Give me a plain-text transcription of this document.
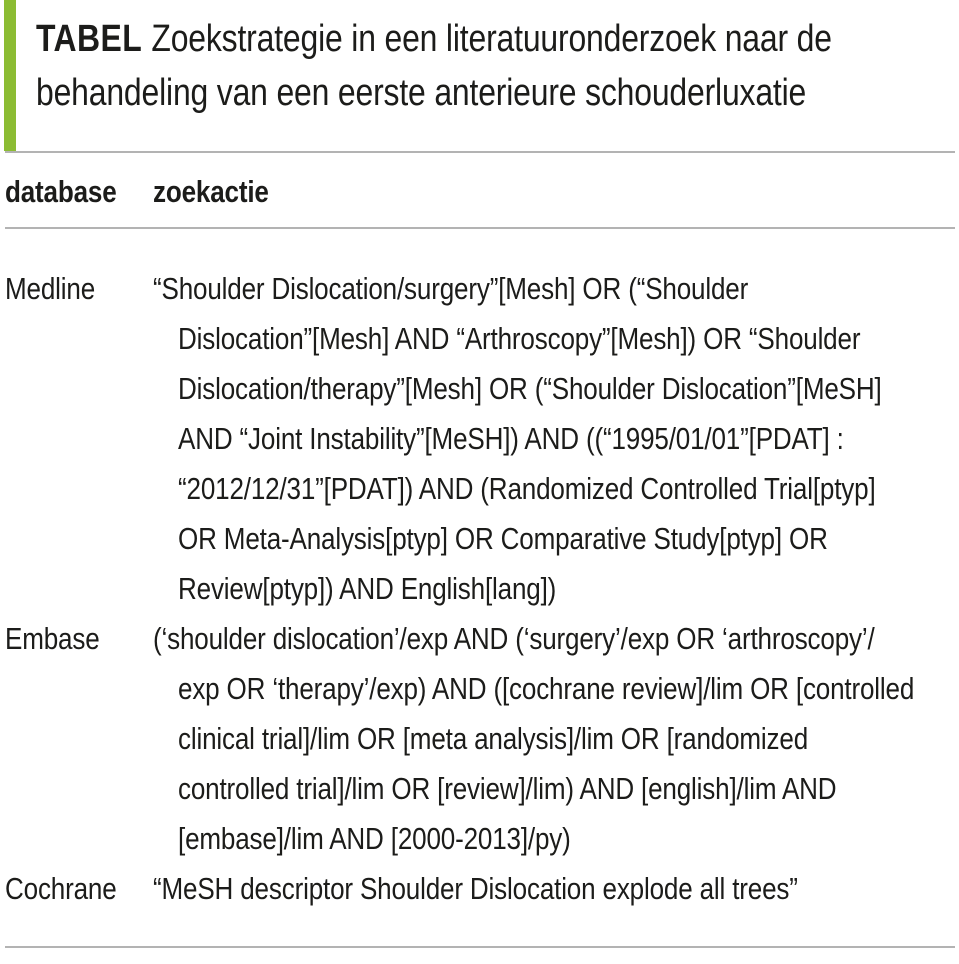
TABEL Zoekstrategie in een literatuuronderzoek naar de
behandeling van een eerste anterieure schouderluxatie
database	zoekactie
Medline	“Shoulder Dislocation/surgery”[Mesh] OR (“Shoulder
Dislocation”[Mesh] AND “Arthroscopy”[Mesh]) OR “Shoulder
Dislocation/therapy”[Mesh] OR (“Shoulder Dislocation”[MeSH]
AND “Joint Instability”[MeSH]) AND ((“1995/01/01”[PDAT] :
“2012/12/31”[PDAT]) AND (Randomized Controlled Trial[ptyp]
OR Meta-Analysis[ptyp] OR Comparative Study[ptyp] OR
Review[ptyp]) AND English[lang])
Embase	(‘shoulder dislocation’/exp AND (‘surgery’/exp OR ‘arthroscopy’/
exp OR ‘therapy’/exp) AND ([cochrane review]/lim OR [controlled
clinical trial]/lim OR [meta analysis]/lim OR [randomized
controlled trial]/lim OR [review]/lim) AND [english]/lim AND
[embase]/lim AND [2000-2013]/py)
Cochrane	“MeSH descriptor Shoulder Dislocation explode all trees”
